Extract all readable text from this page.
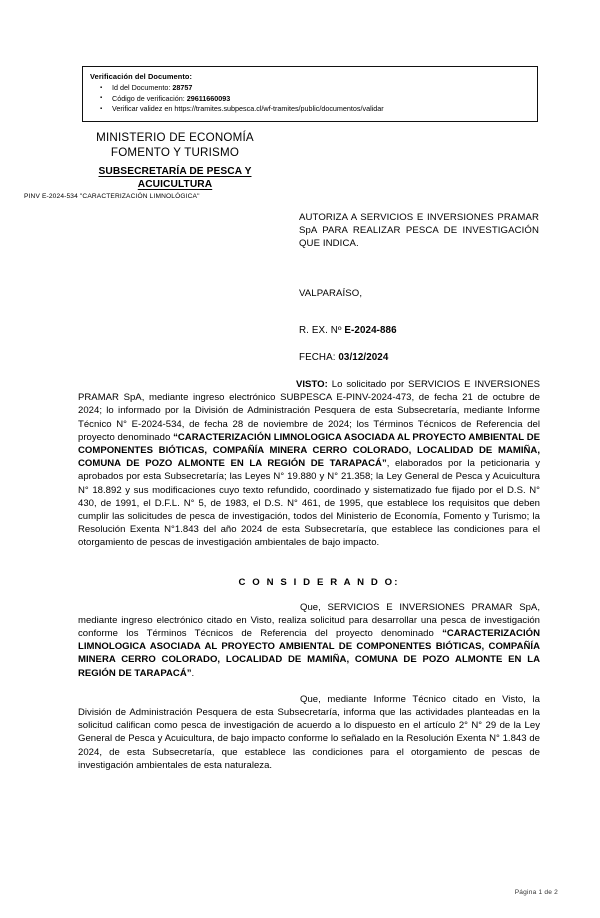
Verificación del Documento:
▪ Id del Documento: 28757
▪ Código de verificación: 29611660093
▪ Verificar validez en https://tramites.subpesca.cl/wf-tramites/public/documentos/validar
MINISTERIO DE ECONOMÍA
FOMENTO Y TURISMO
SUBSECRETARÍA DE PESCA Y
ACUICULTURA
PINV E-2024-534 "CARACTERIZACIÓN LIMNOLÓGICA"
AUTORIZA A SERVICIOS E INVERSIONES PRAMAR SpA PARA REALIZAR PESCA DE INVESTIGACIÓN QUE INDICA.
VALPARAÍSO,
R. EX. Nº E-2024-886
FECHA: 03/12/2024

VISTO: Lo solicitado por SERVICIOS E INVERSIONES PRAMAR SpA, mediante ingreso electrónico SUBPESCA E-PINV-2024-473, de fecha 21 de octubre de 2024; lo informado por la División de Administración Pesquera de esta Subsecretaría, mediante Informe Técnico N° E-2024-534, de fecha 28 de noviembre de 2024; los Términos Técnicos de Referencia del proyecto denominado “CARACTERIZACIÓN LIMNOLOGICA ASOCIADA AL PROYECTO AMBIENTAL DE COMPONENTES BIÓTICAS, COMPAÑÍA MINERA CERRO COLORADO, LOCALIDAD DE MAMIÑA, COMUNA DE POZO ALMONTE EN LA REGIÓN DE TARAPACÁ”, elaborados por la peticionaria y aprobados por esta Subsecretaría; las Leyes N° 19.880 y N° 21.358; la Ley General de Pesca y Acuicultura N° 18.892 y sus modificaciones cuyo texto refundido, coordinado y sistematizado fue fijado por el D.S. N° 430, de 1991, el D.F.L. N° 5, de 1983, el D.S. N° 461, de 1995, que establece los requisitos que deben cumplir las solicitudes de pesca de investigación, todos del Ministerio de Economía, Fomento y Turismo; la Resolución Exenta N°1.843 del año 2024 de esta Subsecretaría, que establece las condiciones para el otorgamiento de pescas de investigación ambientales de bajo impacto.

C O N S I D E R A N D O:

Que, SERVICIOS E INVERSIONES PRAMAR SpA, mediante ingreso electrónico citado en Visto, realiza solicitud para desarrollar una pesca de investigación conforme los Términos Técnicos de Referencia del proyecto denominado “CARACTERIZACIÓN LIMNOLOGICA ASOCIADA AL PROYECTO AMBIENTAL DE COMPONENTES BIÓTICAS, COMPAÑÍA MINERA CERRO COLORADO, LOCALIDAD DE MAMIÑA, COMUNA DE POZO ALMONTE EN LA REGIÓN DE TARAPACÁ”.

Que, mediante Informe Técnico citado en Visto, la División de Administración Pesquera de esta Subsecretaría, informa que las actividades planteadas en la solicitud califican como pesca de investigación de acuerdo a lo dispuesto en el artículo 2° N° 29 de la Ley General de Pesca y Acuicultura, de bajo impacto conforme lo señalado en la Resolución Exenta N° 1.843 de 2024, de esta Subsecretaría, que establece las condiciones para el otorgamiento de pescas de investigación ambientales de esta naturaleza.

Página 1 de 2
